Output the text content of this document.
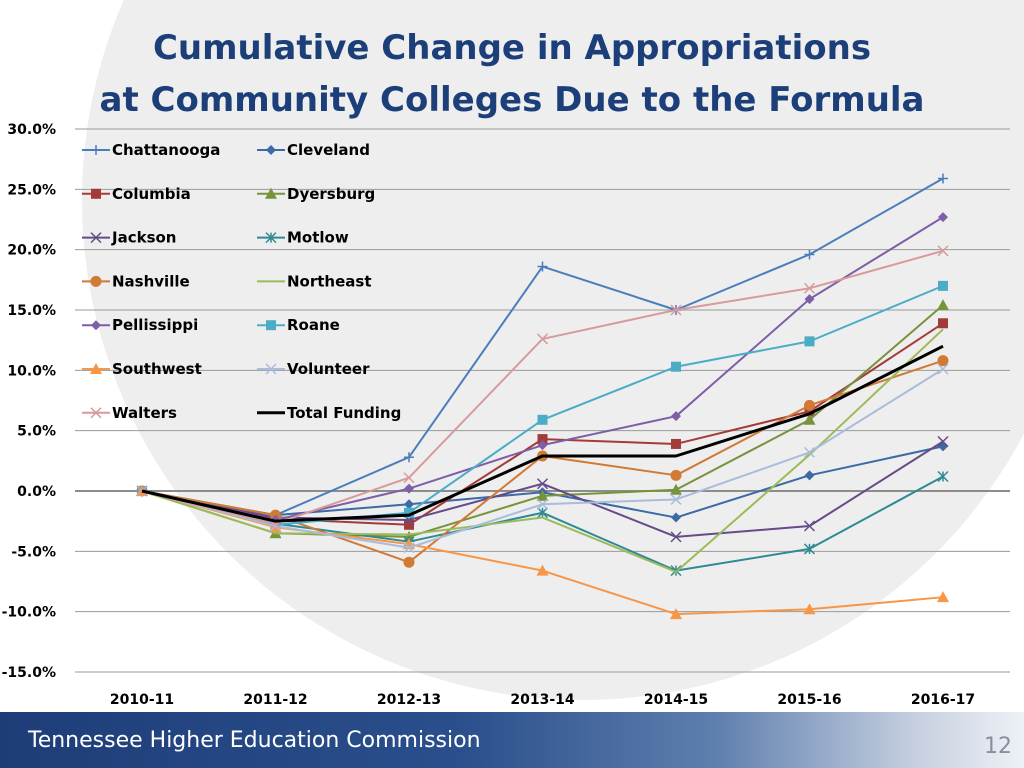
30.0%
25.0%
20.0%
15.0%
10.0%
5.0%
0.0%
-5.0%
-10.0%
-15.0%
2010-11	2011-12	2012-13	2013-14	2014-15	2015-16	2016-17
Chattanooga	Cleveland
Columbia	Dyersburg
Jackson	Motlow
Nashville	Northeast
Pellissippi	Roane
Southwest	Volunteer
Walters	Total Funding
Cumulative Change in Appropriations
at Community Colleges Due to the Formula
Tennessee Higher Education Commission	12
